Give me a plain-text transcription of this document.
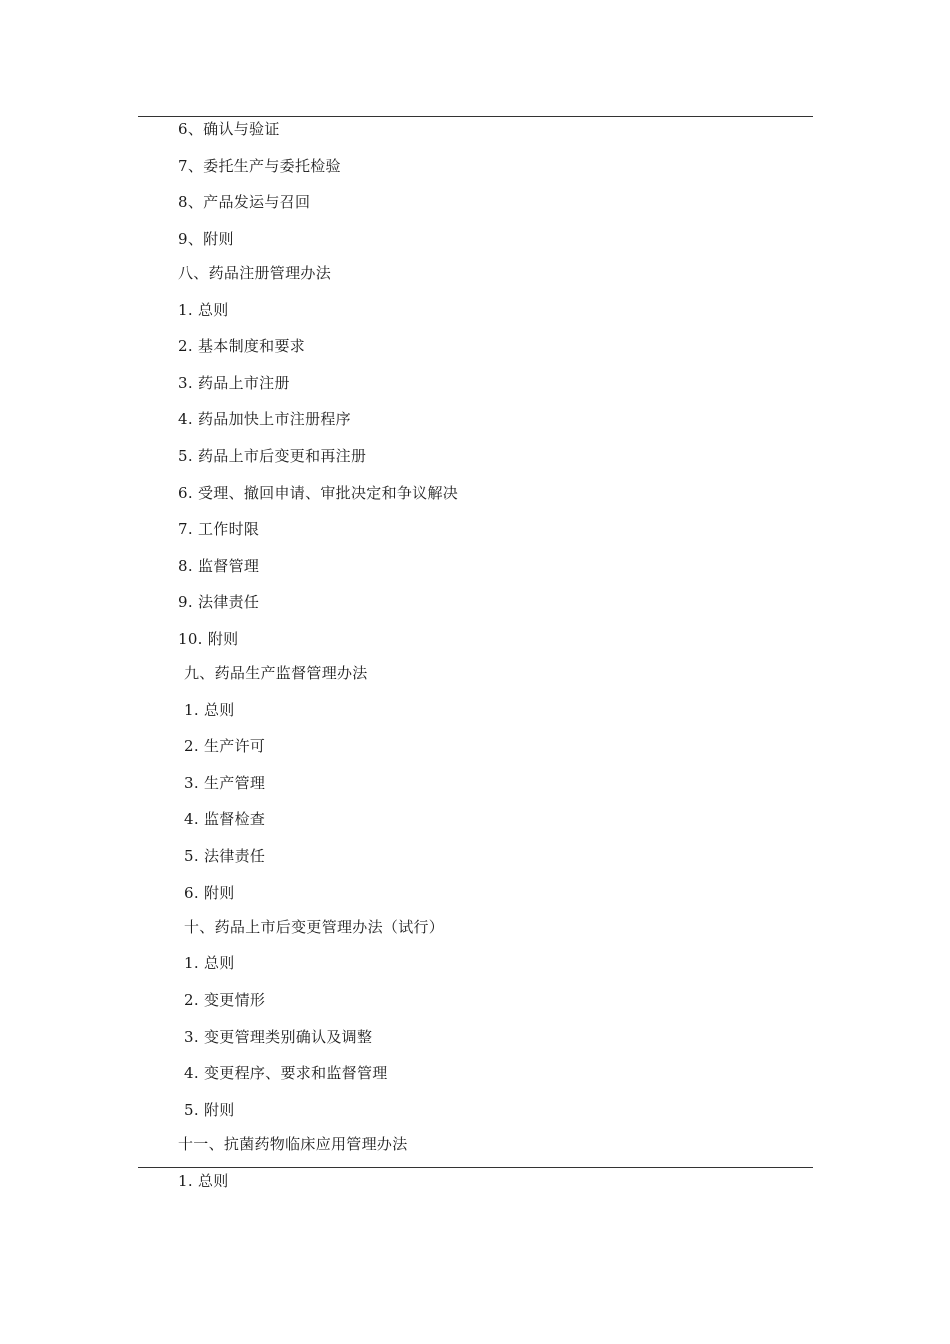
6、确认与验证
7、委托生产与委托检验
8、产品发运与召回
9、附则
八、药品注册管理办法
1. 总则
2. 基本制度和要求
3. 药品上市注册
4. 药品加快上市注册程序
5. 药品上市后变更和再注册
6. 受理、撤回申请、审批决定和争议解决
7. 工作时限
8. 监督管理
9. 法律责任
10. 附则
九、药品生产监督管理办法
1. 总则
2. 生产许可
3. 生产管理
4. 监督检查
5. 法律责任
6. 附则
十、药品上市后变更管理办法（试行）
1. 总则
2. 变更情形
3. 变更管理类别确认及调整
4. 变更程序、要求和监督管理
5. 附则
十一、抗菌药物临床应用管理办法
1. 总则
